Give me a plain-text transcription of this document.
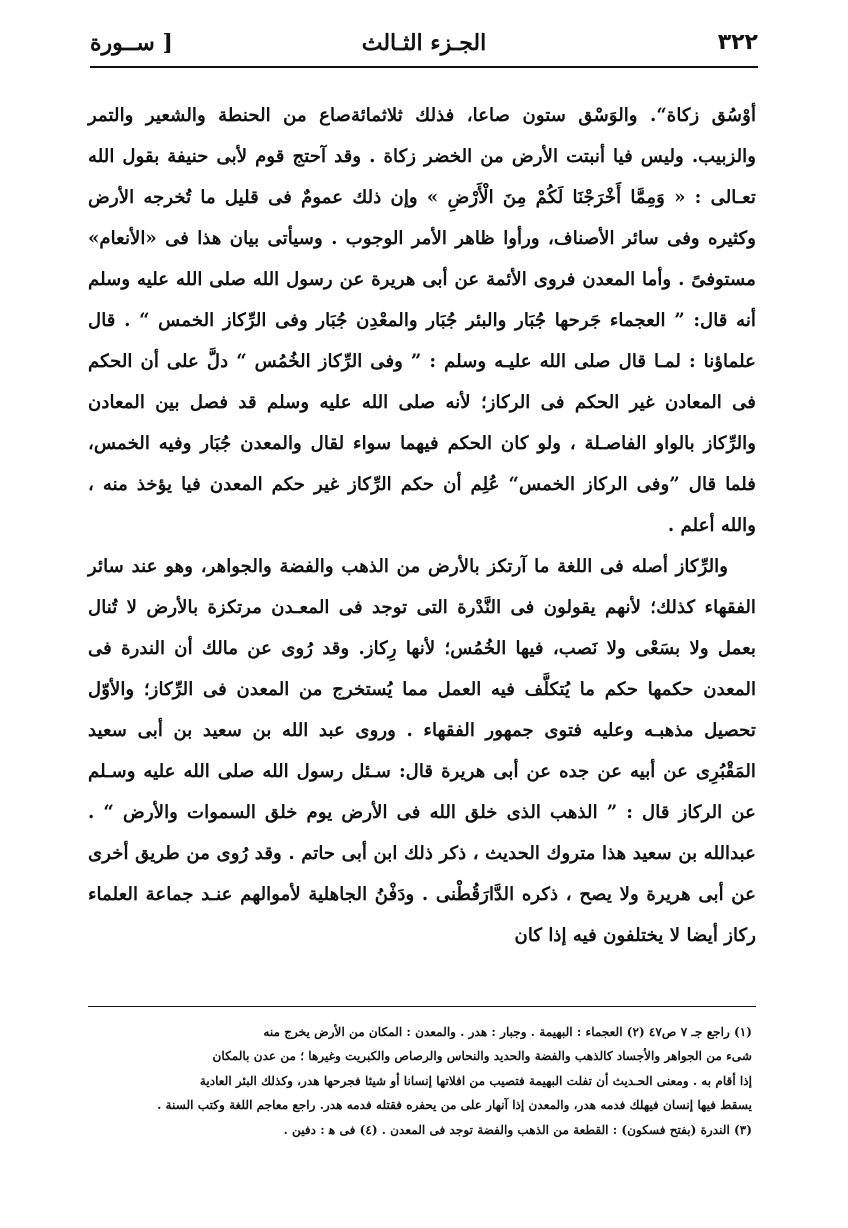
٣٢٢
الجـزء الثـالث
[ ســورة

أوْسُق زكاة“. والوَسْق ستون صاعا، فذلك ثلاثمائةصاع من الحنطة والشعير والتمر والزبيب. وليس فيا أنبتت الأرض من الخضر زكاة . وقد آحتج قوم لأبى حنيفة بقول الله تعـالى : « وَمِمَّا أَخْرَجْنَا لَكُمْ مِنَ الْأَرْضِ » وإن ذلك عمومٌ فى قليل ما تُخرجه الأرض وكثيره وفى سائر الأصناف، ورأوا ظاهر الأمر الوجوب . وسيأتى بيان هذا فى «الأنعام» مستوفىً . وأما المعدن فروى الأئمة عن أبى هريرة عن رسول الله صلى الله عليه وسلم أنه قال: ” العجماء جَرحها جُبَار والبئر جُبَار والمعْدِن جُبَار وفى الرِّكاز الخمس “ . قال علماؤنا : لمـا قال صلى الله عليـه وسلم : ” وفى الرِّكاز الخُمُس “ دلَّ على أن الحكم فى المعادن غير الحكم فى الركاز؛ لأنه صلى الله عليه وسلم قد فصل بين المعادن والرِّكاز بالواو الفاصـلة ، ولو كان الحكم فيهما سواء لقال والمعدن جُبَار وفيه الخمس، فلما قال ”وفى الركاز الخمس“ عُلِم أن حكم الرِّكاز غير حكم المعدن فيا يؤخذ منه ، والله أعلم .

والرِّكاز أصله فى اللغة ما آرتكز بالأرض من الذهب والفضة والجواهر، وهو عند سائر الفقهاء كذلك؛ لأنهم يقولون فى النَّدْرة التى توجد فى المعـدن مرتكزة بالأرض لا تُنال بعمل ولا بسَعْى ولا نَصب، فيها الخُمُس؛ لأنها رِكاز. وقد رُوى عن مالك أن الندرة فى المعدن حكمها حكم ما يُتكلَّف فيه العمل مما يُستخرج من المعدن فى الرِّكاز؛ والأوّل تحصيل مذهبـه وعليه فتوى جمهور الفقهاء . وروى عبد الله بن سعيد بن أبى سعيد المَقْبُرِى عن أبيه عن جده عن أبى هريرة قال: سـئل رسول الله صلى الله عليه وسـلم عن الركاز قال : ” الذهب الذى خلق الله فى الأرض يوم خلق السموات والأرض “ . عبدالله بن سعيد هذا متروك الحديث ، ذكر ذلك ابن أبى حاتم . وقد رُوى من طريق أخرى عن أبى هريرة ولا يصح ، ذكره الدَّارَقُطْنى . ودَفْنُ الجاهلية لأموالهم عنـد جماعة العلماء ركاز أيضا لا يختلفون فيه إذا كان

(١) راجع جـ ٧ ص٤٧ (٢) العجماء : البهيمة . وجبار : هدر . والمعدن : المكان من الأرض يخرج منه

شىء من الجواهر والأجساد كالذهب والفضة والحديد والنحاس والرصاص والكبريت وغيرها ؛ من عدن بالمكان

إذا أقام به . ومعنى الحـديث أن تفلت البهيمة فتصيب من افلاتها إنسانا أو شيئا فجرحها هدر، وكذلك البئر العادية

يسقط فيها إنسان فيهلك فدمه هدر، والمعدن إذا آنهار على من يحفره فقتله فدمه هدر. راجع معاجم اللغة وكتب السنة .

(٣) الندرة (بفتح فسكون) : القطعة من الذهب والفضة توجد فى المعدن . (٤) فى ﻫ : دفين .
